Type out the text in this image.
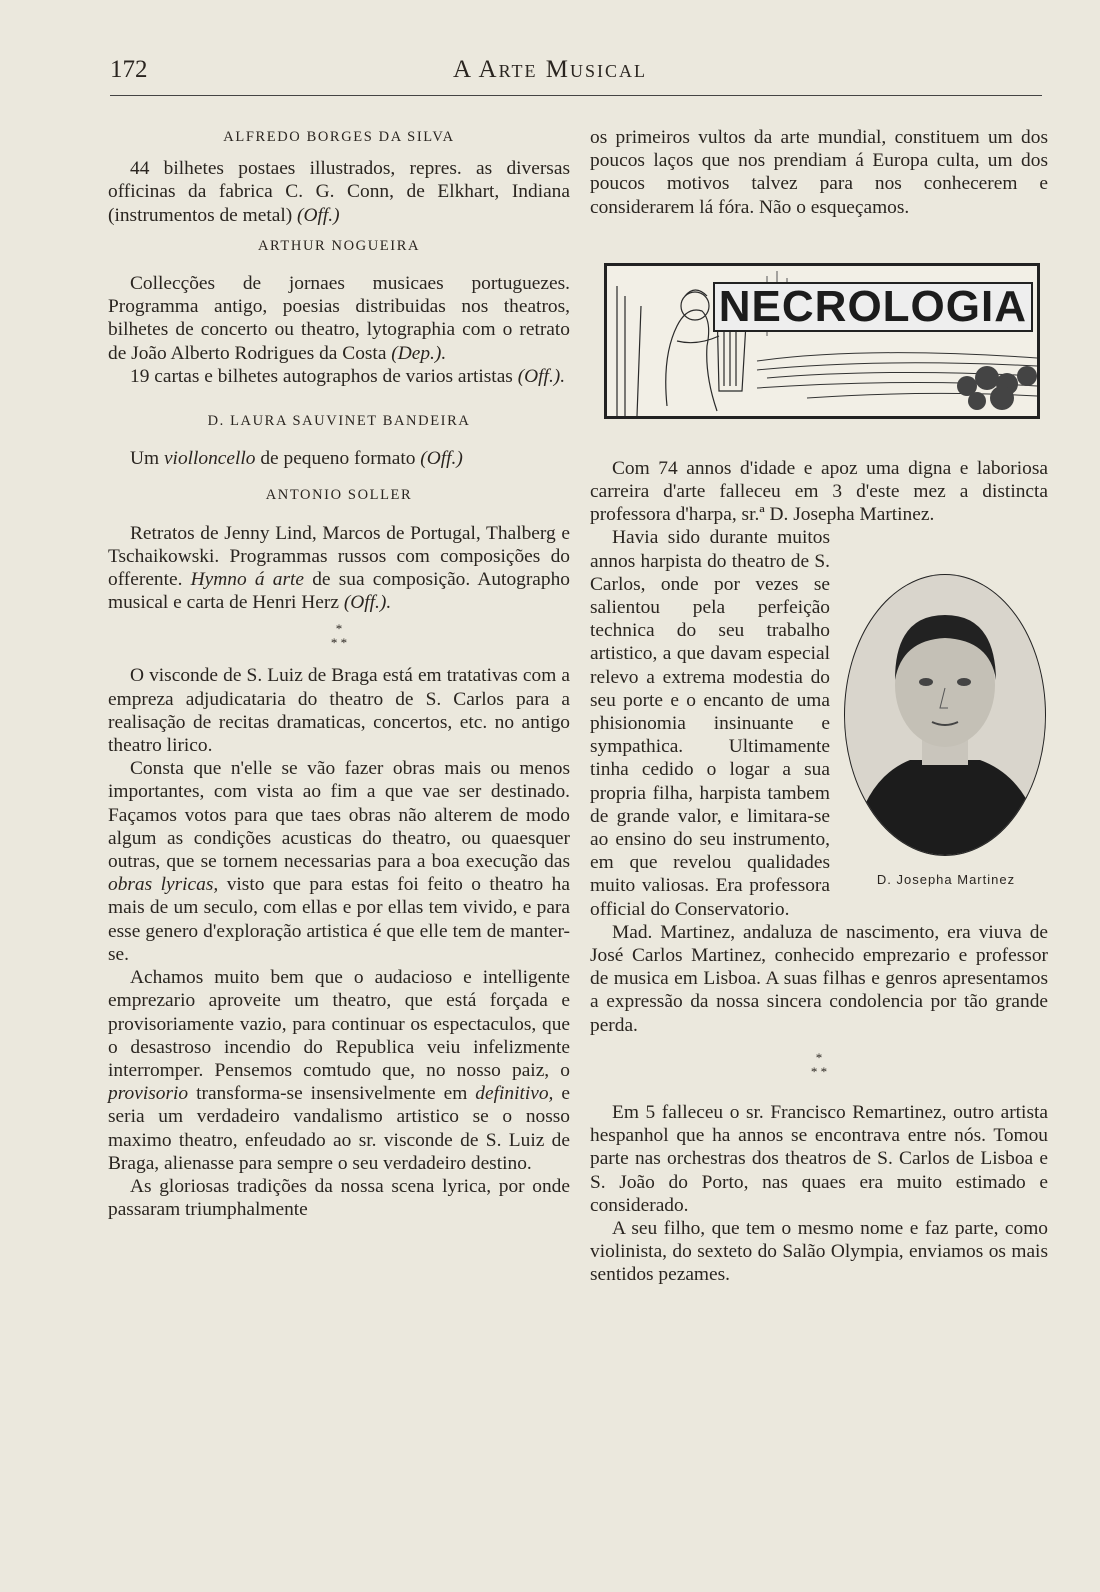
172	A Arte Musical

ALFREDO BORGES DA SILVA

44 bilhetes postaes illustrados, repres. as diversas officinas da fabrica C. G. Conn, de Elkhart, Indiana (instrumentos de metal) (Off.)

ARTHUR NOGUEIRA

Collecções de jornaes musicaes portuguezes. Programma antigo, poesias distribuidas nos theatros, bilhetes de concerto ou theatro, lytographia com o retrato de João Alberto Rodrigues da Costa (Dep.).

19 cartas e bilhetes autographos de varios artistas (Off.).

D. LAURA SAUVINET BANDEIRA

Um violloncello de pequeno formato (Off.)

ANTONIO SOLLER

Retratos de Jenny Lind, Marcos de Portugal, Thalberg e Tschaikowski. Programmas russos com composições do offerente. Hymno á arte de sua composição. Autographo musical e carta de Henri Herz (Off.).

*
* *

O visconde de S. Luiz de Braga está em tratativas com a empreza adjudicataria do theatro de S. Carlos para a realisação de recitas dramaticas, concertos, etc. no antigo theatro lirico.

Consta que n'elle se vão fazer obras mais ou menos importantes, com vista ao fim a que vae ser destinado. Façamos votos para que taes obras não alterem de modo algum as condições acusticas do theatro, ou quaesquer outras, que se tornem necessarias para a boa execução das obras lyricas, visto que para estas foi feito o theatro ha mais de um seculo, com ellas e por ellas tem vivido, e para esse genero d'exploração artistica é que elle tem de manter-se.

Achamos muito bem que o audacioso e intelligente emprezario aproveite um theatro, que está forçada e provisoriamente vazio, para continuar os espectaculos, que o desastroso incendio do Republica veiu infelizmente interromper. Pensemos comtudo que, no nosso paiz, o provisorio transforma-se insensivelmente em definitivo, e seria um verdadeiro vandalismo artistico se o nosso maximo theatro, enfeudado ao sr. visconde de S. Luiz de Braga, alienasse para sempre o seu verdadeiro destino.

As gloriosas tradições da nossa scena lyrica, por onde passaram triumphalmente

os primeiros vultos da arte mundial, constituem um dos poucos laços que nos prendiam á Europa culta, um dos poucos motivos talvez para nos conhecerem e considerarem lá fóra. Não o esqueçamos.

NECROLOGIA

Com 74 annos d'idade e apoz uma digna e laboriosa carreira d'arte falleceu em 3 d'este mez a distincta professora d'harpa, sr.ª D. Josepha Martinez.

D. Josepha Martinez

Havia sido durante muitos annos harpista do theatro de S. Carlos, onde por vezes se salientou pela perfeição technica do seu trabalho artistico, a que davam especial relevo a extrema modestia do seu porte e o encanto de uma phisionomia insinuante e sympathica. Ultimamente tinha cedido o logar a sua propria filha, harpista tambem de grande valor, e limitara-se ao ensino do seu instrumento, em que revelou qualidades muito valiosas. Era professora official do Conservatorio.

Mad. Martinez, andaluza de nascimento, era viuva de José Carlos Martinez, conhecido emprezario e professor de musica em Lisboa. A suas filhas e genros apresentamos a expressão da nossa sincera condolencia por tão grande perda.

*
* *

Em 5 falleceu o sr. Francisco Remartinez, outro artista hespanhol que ha annos se encontrava entre nós. Tomou parte nas orchestras dos theatros de S. Carlos de Lisboa e S. João do Porto, nas quaes era muito estimado e considerado.

A seu filho, que tem o mesmo nome e faz parte, como violinista, do sexteto do Salão Olympia, enviamos os mais sentidos pezames.
